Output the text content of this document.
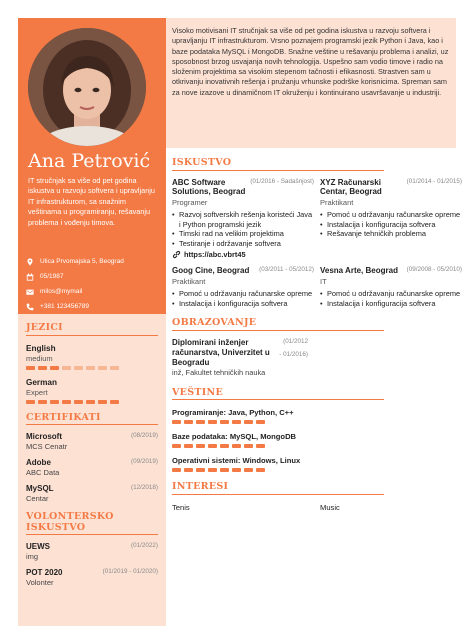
Ana Petrović
IT stručnjak sa više od pet godina iskustva u razvoju softvera i upravljanju IT infrastrukturom, sa snažnim veštinama u programiranju, rešavanju problema i vođenju timova.
Ulica Prvomajska 5, Beograd
05/1987
milos@mymail
+381 123456789
JEZICI
English
medium
German
Expert
CERTIFIKATI
Microsoft
MCS Cenatr
(08/2019)
Adobe
ABC Data
(09/2019)
MySQL
Centar
(12/2018)
VOLONTERSKO ISKUSTVO
UEWS
img
(01/2022)
POT 2020
Volonter
(01/2019 - 01/2020)
Visoko motivisani IT stručnjak sa više od pet godina iskustva u razvoju softvera i upravljanju IT infrastrukturom. Vrsno poznajem programski jezik Python i Java, kao i baze podataka MySQL i MongoDB. Snažne veštine u rešavanju problema i analizi, uz sposobnost brzog usvajanja novih tehnologija. Uspešno sam vodio timove i radio na složenim projektima sa visokim stepenom tačnosti i efikasnosti. Strastven sam u otkrivanju inovativnih rešenja i pružanju vrhunske podrške korisnicima. Spreman sam za nove izazove u dinamičnom IT okruženju i kontinuirano usavršavanje u industriji.
ISKUSTVO
ABC Software Solutions, Beograd
(01/2016 - Sadašnjost)
Programer
• Razvoj softverskih rešenja koristeći Java i Python programski jezik
• Timski rad na velikim projektima
• Testiranje i održavanje softvera
https://abc.vbrt45
XYZ Računarski Centar, Beograd
(01/2014 - 01/2015)
Praktikant
• Pomoć u održavanju računarske opreme
• Instalacija i konfiguracija softvera
• Rešavanje tehničkih problema
Goog Cine, Beograd	(03/2011 - 05/2012)
Praktikant
• Pomoć u održavanju računarske opreme
• Instalacija i konfiguracija softvera
Vesna Arte, Beograd	(09/2008 - 05/2010)
IT
• Pomoć u održavanju računarske opreme
• Instalacija i konfiguracija softvera
OBRAZOVANJE
Diplomirani inženjer računarstva, Univerzitet u Beogradu
inž, Fakultet tehničkih nauka
(01/2012
- 01/2016)
VEŠTINE
Programiranje: Java, Python, C++
Baze podataka: MySQL, MongoDB
Operativni sistemi: Windows, Linux
INTERESI
Tenis	Music
